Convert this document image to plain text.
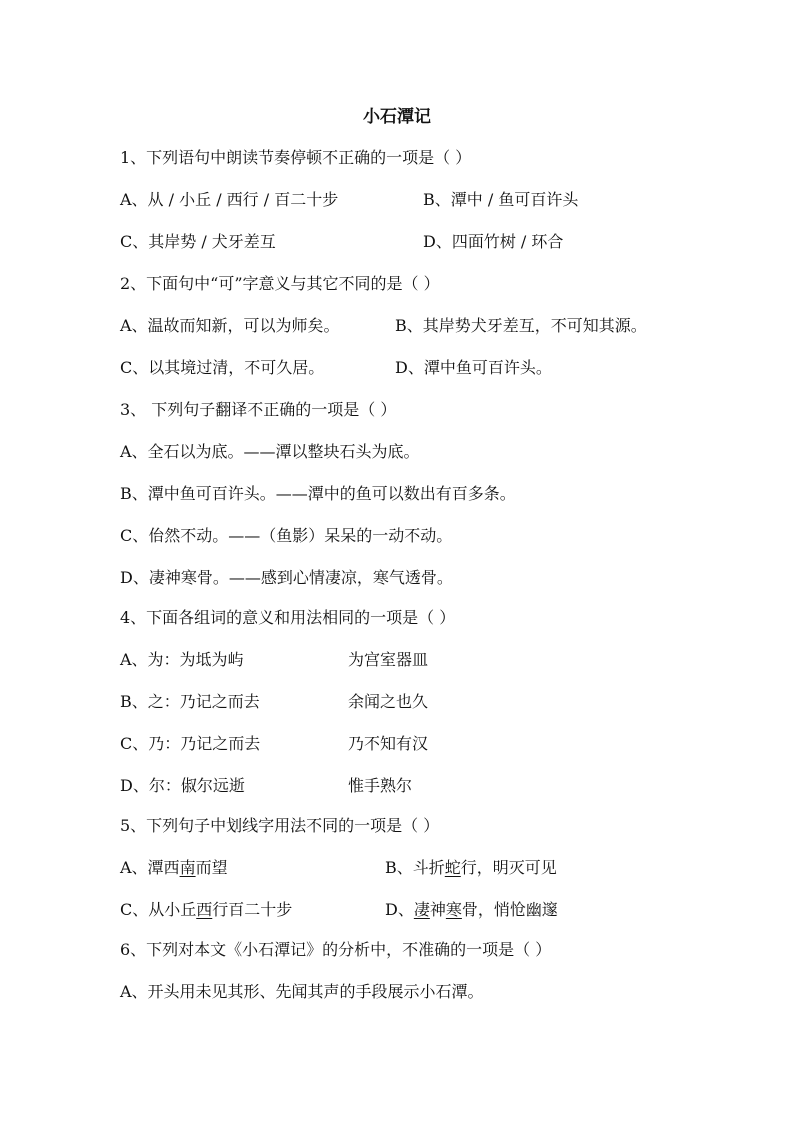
小石潭记
1、下列语句中朗读节奏停顿不正确的一项是（ ）
A、从 / 小丘 / 西行 / 百二十步	B、潭中 / 鱼可百许头
C、其岸势 / 犬牙差互	D、四面竹树 / 环合
2、下面句中“可”字意义与其它不同的是（ ）
A、温故而知新，可以为师矣。	B、其岸势犬牙差互，不可知其源。
C、以其境过清，不可久居。	D、潭中鱼可百许头。
3、 下列句子翻译不正确的一项是（ ）
A、全石以为底。——潭以整块石头为底。
B、潭中鱼可百许头。——潭中的鱼可以数出有百多条。
C、佁然不动。——（鱼影）呆呆的一动不动。
D、凄神寒骨。——感到心情凄凉，寒气透骨。
4、下面各组词的意义和用法相同的一项是（ ）
A、为：为坻为屿	为宫室器皿
B、之：乃记之而去	余闻之也久
C、乃：乃记之而去	乃不知有汉
D、尔：俶尔远逝	惟手熟尔
5、下列句子中划线字用法不同的一项是（ ）
A、潭西南而望	B、斗折蛇行，明灭可见
C、从小丘西行百二十步	D、凄神寒骨，悄怆幽邃
6、下列对本文《小石潭记》的分析中，不准确的一项是（ ）
A、开头用未见其形、先闻其声的手段展示小石潭。
